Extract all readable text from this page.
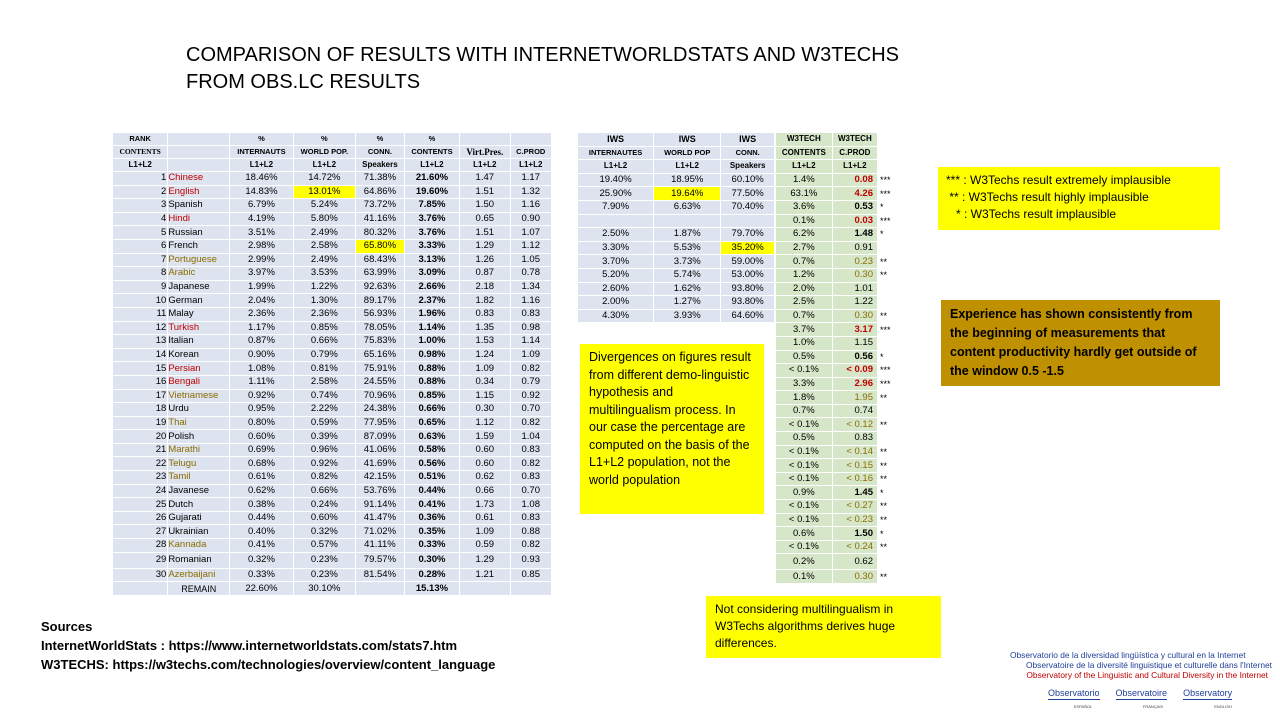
COMPARISON OF RESULTS WITH INTERNETWORLDSTATS AND W3TECHS
FROM OBS.LC RESULTS
RANK		%	%	%	%		
CONTENTS		INTERNAUTS	WORLD POP.	CONN.	CONTENTS	Virt.Pres.	C.PROD
L1+L2		L1+L2	L1+L2	Speakers	L1+L2	L1+L2	L1+L2
1	Chinese	18.46%	14.72%	71.38%	21.60%	1.47	1.17
2	English	14.83%	13.01%	64.86%	19.60%	1.51	1.32
3	Spanish	6.79%	5.24%	73.72%	7.85%	1.50	1.16
4	Hindi	4.19%	5.80%	41.16%	3.76%	0.65	0.90
5	Russian	3.51%	2.49%	80.32%	3.76%	1.51	1.07
6	French	2.98%	2.58%	65.80%	3.33%	1.29	1.12
7	Portuguese	2.99%	2.49%	68.43%	3.13%	1.26	1.05
8	Arabic	3.97%	3.53%	63.99%	3.09%	0.87	0.78
9	Japanese	1.99%	1.22%	92.63%	2.66%	2.18	1.34
10	German	2.04%	1.30%	89.17%	2.37%	1.82	1.16
11	Malay	2.36%	2.36%	56.93%	1.96%	0.83	0.83
12	Turkish	1.17%	0.85%	78.05%	1.14%	1.35	0.98
13	Italian	0.87%	0.66%	75.83%	1.00%	1.53	1.14
14	Korean	0.90%	0.79%	65.16%	0.98%	1.24	1.09
15	Persian	1.08%	0.81%	75.91%	0.88%	1.09	0.82
16	Bengali	1.11%	2.58%	24.55%	0.88%	0.34	0.79
17	Vietnamese	0.92%	0.74%	70.96%	0.85%	1.15	0.92
18	Urdu	0.95%	2.22%	24.38%	0.66%	0.30	0.70
19	Thai	0.80%	0.59%	77.95%	0.65%	1.12	0.82
20	Polish	0.60%	0.39%	87.09%	0.63%	1.59	1.04
21	Marathi	0.69%	0.96%	41.06%	0.58%	0.60	0.83
22	Telugu	0.68%	0.92%	41.69%	0.56%	0.60	0.82
23	Tamil	0.61%	0.82%	42.15%	0.51%	0.62	0.83
24	Javanese	0.62%	0.66%	53.76%	0.44%	0.66	0.70
25	Dutch	0.38%	0.24%	91.14%	0.41%	1.73	1.08
26	Gujarati	0.44%	0.60%	41.47%	0.36%	0.61	0.83
27	Ukrainian	0.40%	0.32%	71.02%	0.35%	1.09	0.88
28	Kannada	0.41%	0.57%	41.11%	0.33%	0.59	0.82
29	Romanian	0.32%	0.23%	79.57%	0.30%	1.29	0.93
30	Azerbaijani	0.33%	0.23%	81.54%	0.28%	1.21	0.85
	REMAIN	22.60%	30.10%		15.13%		
IWS	IWS	IWS
INTERNAUTES	WORLD POP	CONN.
L1+L2	L1+L2	Speakers
19.40%	18.95%	60.10%
25.90%	19.64%	77.50%
7.90%	6.63%	70.40%

2.50%	1.87%	79.70%
3.30%	5.53%	35.20%
3.70%	3.73%	59.00%
5.20%	5.74%	53.00%
2.60%	1.62%	93.80%
2.00%	1.27%	93.80%
4.30%	3.93%	64.60%
W3TECH	W3TECH	
CONTENTS	C.PROD	
L1+L2	L1+L2	
1.4%	0.08	***
63.1%	4.26	***
3.6%	0.53	*
0.1%	0.03	***
6.2%	1.48	*
2.7%	0.91	
0.7%	0.23	**
1.2%	0.30	**
2.0%	1.01	
2.5%	1.22	
0.7%	0.30	**
3.7%	3.17	***
1.0%	1.15	
0.5%	0.56	*
< 0.1%	< 0.09	***
3.3%	2.96	***
1.8%	1.95	**
0.7%	0.74	
< 0.1%	< 0.12	**
0.5%	0.83	
< 0.1%	< 0.14	**
< 0.1%	< 0.15	**
< 0.1%	< 0.16	**
0.9%	1.45	*
< 0.1%	< 0.27	**
< 0.1%	< 0.23	**
0.6%	1.50	*
< 0.1%	< 0.24	**
0.2%	0.62	
0.1%	0.30	**
*** : W3Techs result extremely implausible
** : W3Techs result highly implausible
* : W3Techs result implausible
Experience has shown consistently from the beginning of measurements that content productivity hardly get outside of the window 0.5 -1.5
Divergences on figures result from different demo-linguistic hypothesis and multilingualism process. In our case the percentage are computed on the basis of the L1+L2 population, not the world population
Not considering multilingualism in W3Techs algorithms derives huge differences.
Sources
InternetWorldStats : https://www.internetworldstats.com/stats7.htm
W3TECHS: https://w3techs.com/technologies/overview/content_language
Observatorio de la diversidad lingüística y cultural en la Internet
Observatoire de la diversité linguistique et culturelle dans l'Internet
Observatory of the Linguistic and Cultural Diversity in the Internet
Observatorio Observatoire Observatory
ESPAÑOL	FRANÇAIS	ENGLISH
